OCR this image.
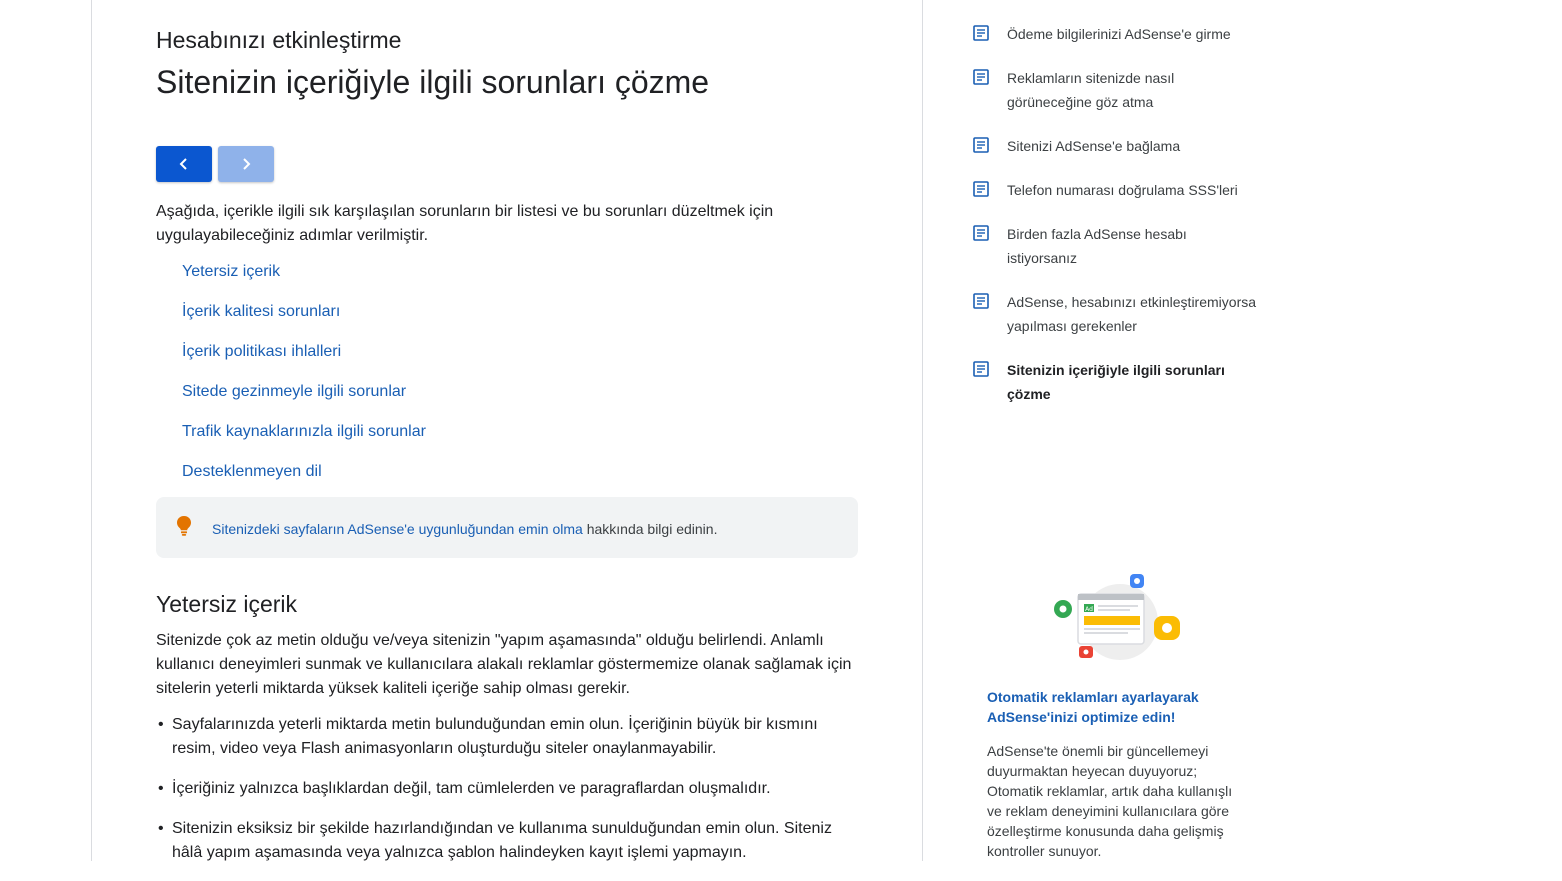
Hesabınızı etkinleştirme
Sitenizin içeriğiyle ilgili sorunları çözme

Aşağıda, içerikle ilgili sık karşılaşılan sorunların bir listesi ve bu sorunları düzeltmek için uygulayabileceğiniz adımlar verilmiştir.

Yetersiz içerik
İçerik kalitesi sorunları
İçerik politikası ihlalleri
Sitede gezinmeyle ilgili sorunlar
Trafik kaynaklarınızla ilgili sorunlar
Desteklenmeyen dil
Sitenizdeki sayfaların AdSense'e uygunluğundan emin olma hakkında bilgi edinin.
Yetersiz içerik

Sitenizde çok az metin olduğu ve/veya sitenizin "yapım aşamasında" olduğu belirlendi. Anlamlı kullanıcı deneyimleri sunmak ve kullanıcılara alakalı reklamlar göstermemize olanak sağlamak için sitelerin yeterli miktarda yüksek kaliteli içeriğe sahip olması gerekir.

• Sayfalarınızda yeterli miktarda metin bulunduğundan emin olun. İçeriğinin büyük bir kısmını resim, video veya Flash animasyonların oluşturduğu siteler onaylanmayabilir.
• İçeriğiniz yalnızca başlıklardan değil, tam cümlelerden ve paragraflardan oluşmalıdır.
• Sitenizin eksiksiz bir şekilde hazırlandığından ve kullanıma sunulduğundan emin olun. Siteniz hâlâ yapım aşamasında veya yalnızca şablon halindeyken kayıt işlemi yapmayın.
Ödeme bilgilerinizi AdSense'e girme
Reklamların sitenizde nasıl görüneceğine göz atma
Sitenizi AdSense'e bağlama
Telefon numarası doğrulama SSS'leri
Birden fazla AdSense hesabı istiyorsanız
AdSense, hesabınızı etkinleştiremiyorsa yapılması gerekenler
Sitenizin içeriğiyle ilgili sorunları çözme
Ad
Otomatik reklamları ayarlayarak AdSense'inizi optimize edin!
AdSense'te önemli bir güncellemeyi duyurmaktan heyecan duyuyoruz; Otomatik reklamlar, artık daha kullanışlı ve reklam deneyimini kullanıcılara göre özelleştirme konusunda daha gelişmiş kontroller sunuyor.
